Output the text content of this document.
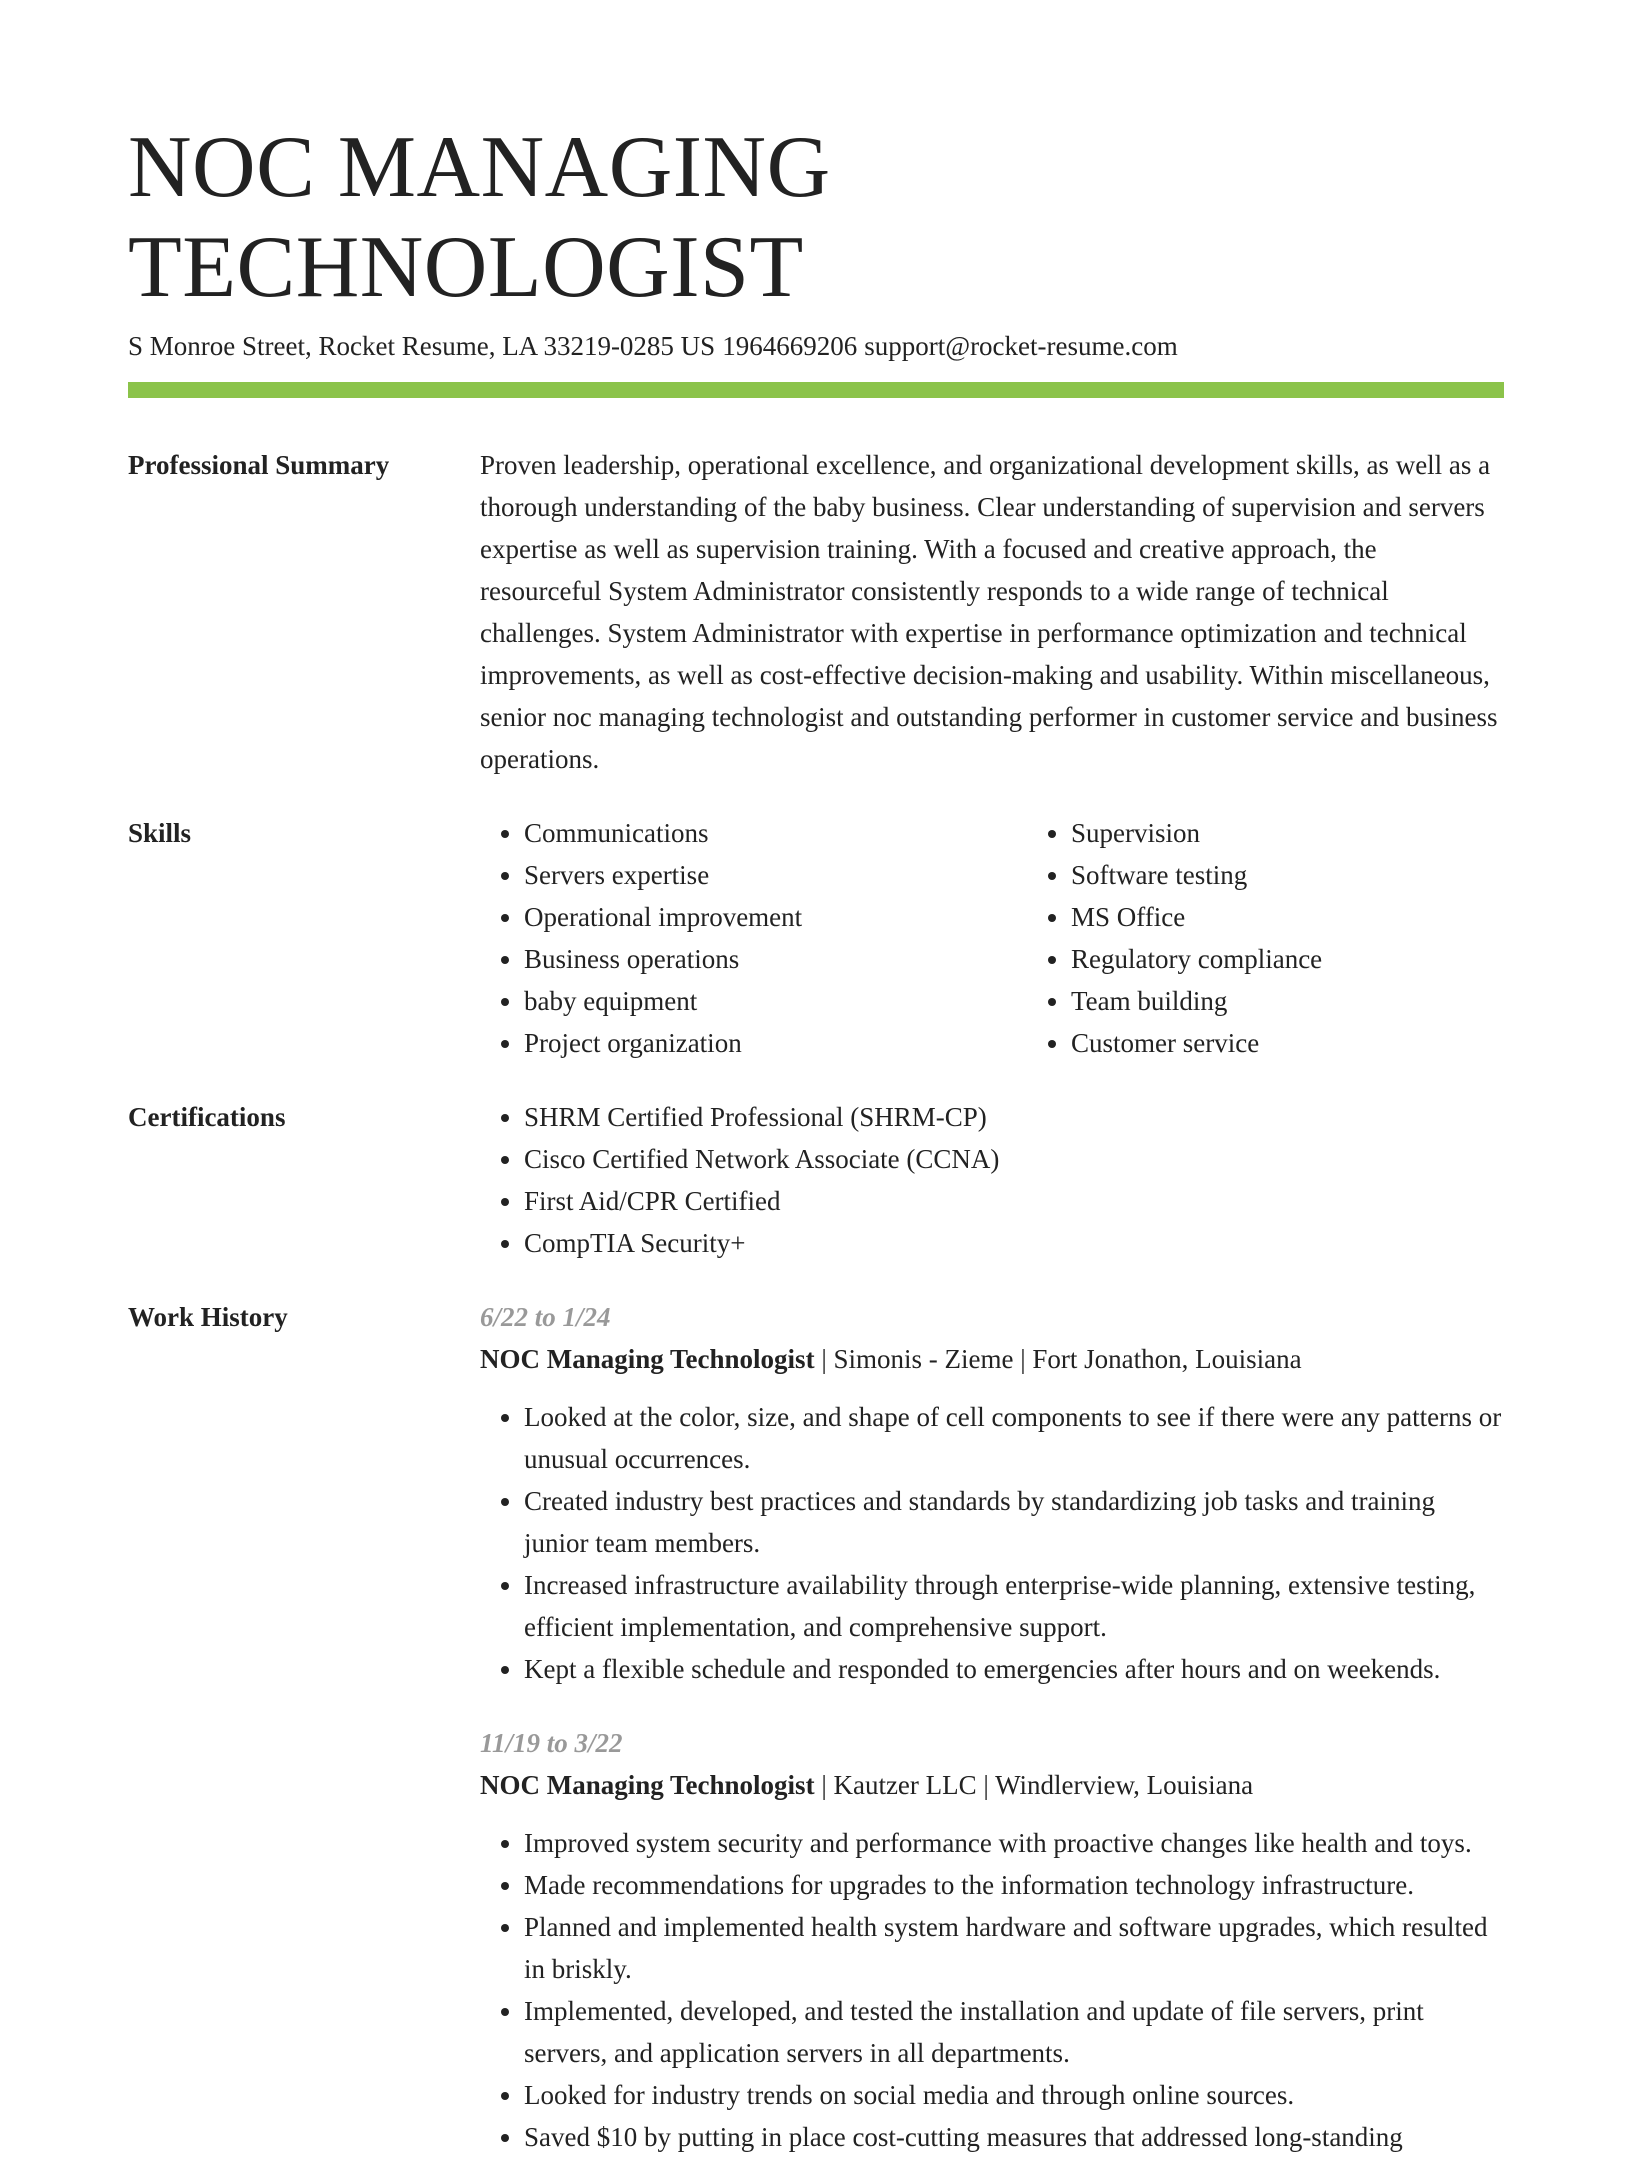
NOC MANAGING TECHNOLOGIST
S Monroe Street, Rocket Resume, LA 33219-0285 US 1964669206 support@rocket-resume.com
Professional Summary	Proven leadership, operational excellence, and organizational development skills, as well as a thorough understanding of the baby business. Clear understanding of supervision and servers expertise as well as supervision training. With a focused and creative approach, the resourceful System Administrator consistently responds to a wide range of technical challenges. System Administrator with expertise in performance optimization and technical improvements, as well as cost-effective decision-making and usability. Within miscellaneous, senior noc managing technologist and outstanding performer in customer service and business operations.
Skills	• Communications
• Servers expertise
• Operational improvement
• Business operations
• baby equipment
• Project organization
• Supervision
• Software testing
• MS Office
• Regulatory compliance
• Team building
• Customer service
Certifications	• SHRM Certified Professional (SHRM-CP)
• Cisco Certified Network Associate (CCNA)
• First Aid/CPR Certified
• CompTIA Security+
Work History	6/22 to 1/24
NOC Managing Technologist | Simonis - Zieme | Fort Jonathon, Louisiana
• Looked at the color, size, and shape of cell components to see if there were any patterns or unusual occurrences.
• Created industry best practices and standards by standardizing job tasks and training junior team members.
• Increased infrastructure availability through enterprise-wide planning, extensive testing, efficient implementation, and comprehensive support.
• Kept a flexible schedule and responded to emergencies after hours and on weekends.
11/19 to 3/22
NOC Managing Technologist | Kautzer LLC | Windlerview, Louisiana
• Improved system security and performance with proactive changes like health and toys.
• Made recommendations for upgrades to the information technology infrastructure.
• Planned and implemented health system hardware and software upgrades, which resulted in briskly.
• Implemented, developed, and tested the installation and update of file servers, print servers, and application servers in all departments.
• Looked for industry trends on social media and through online sources.
• Saved $10 by putting in place cost-cutting measures that addressed long-standing
